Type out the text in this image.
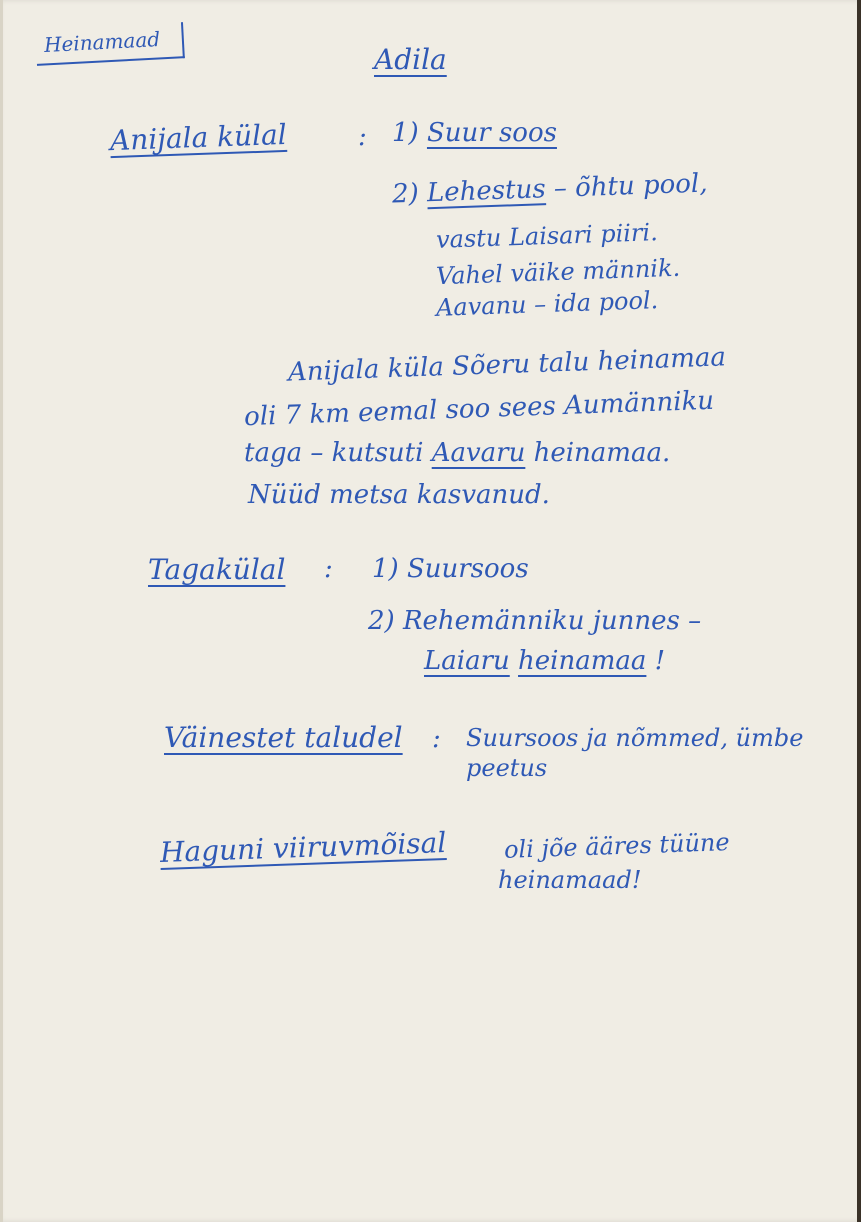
Heinamaad
Adila
Anijala külal	: 1) Suur soos
2) Lehestus – õhtu pool,
vastu Laisari piiri.
Vahel väike männik.
Aavanu – ida pool.
Anijala küla Sõeru talu heinamaa
oli 7 km eemal soo sees Aumänniku
taga – kutsuti Aavaru heinamaa.
Nüüd metsa kasvanud.
Tagakülal : 1) Suursoos
2) Rehemänniku junnes –
Laiaru heinamaa !
Väinestet taludel : Suursoos ja nõmmed, ümbe
peetus
Haguni viiruvmõisal oli jõe ääres tüüne
heinamaad!
